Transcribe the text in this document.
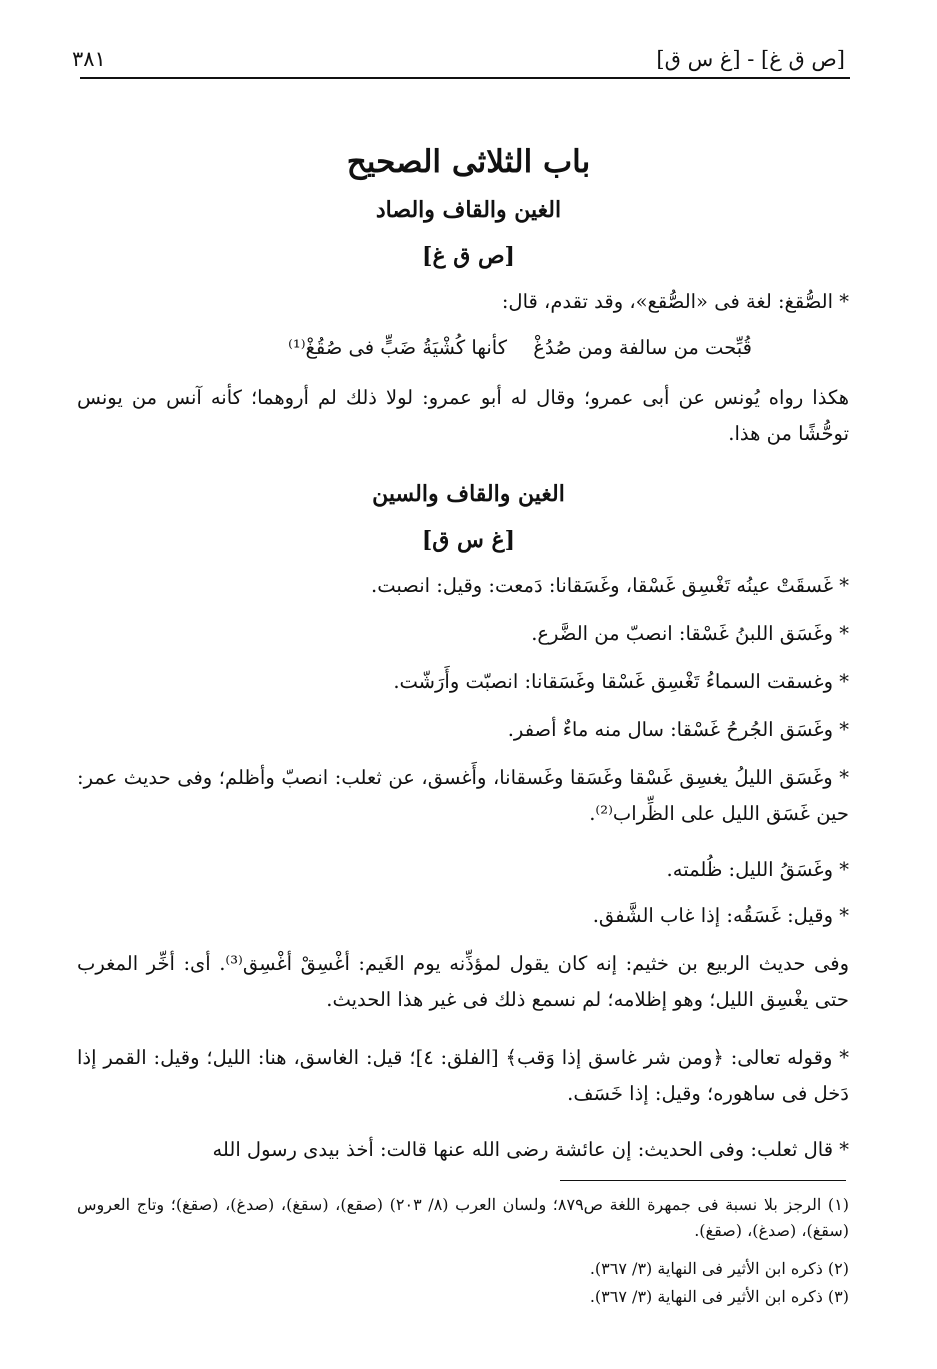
٣٨١	[ص ق غ] - [غ س ق]
باب الثلاثى الصحيح
الغين والقاف والصاد
[ص ق غ]
* الصُّقغ: لغة فى «الصُّقع»، وقد تقدم، قال:
قُبِّحت من سالفة ومن صُدُغْ
كأنها كُشْيَةُ ضَبٍّ فى صُقُغْ⁽¹⁾
هكذا رواه يُونس عن أبى عمرو؛ وقال له أبو عمرو: لولا ذلك لم أروهما؛ كأنه آنس من يونس توحُّشًا من هذا.
الغين والقاف والسين
[غ س ق]
* غَسقَتْ عينُه تَغْسِق غَسْقا، وغَسَقانا: دَمعت: وقيل: انصبت.
* وغَسَق اللبنُ غَسْقا: انصبّ من الضَّرع.
* وغسقت السماءُ تَغْسِق غَسْقا وغَسَقانا: انصبّت وأَرَشّت.
* وغَسَق الجُرحُ غَسْقا: سال منه ماءٌ أصفر.
* وغَسَق الليلُ يغسِق غَسْقا وغَسَقا وغَسقانا، وأَغسق، عن ثعلب: انصبّ وأظلم؛ وفى حديث عمر: حين غَسَق الليل على الظِّراب⁽²⁾.
* وغَسَقُ الليل: ظُلمته.
* وقيل: غَسَقُه: إذا غاب الشَّفق.
وفى حديث الربيع بن خثيم: إنه كان يقول لمؤذِّنه يوم الغَيم: أغْسِقْ أغْسِق⁽³⁾. أى: أخِّر المغرب حتى يغْسِق الليل؛ وهو إظلامه؛ لم نسمع ذلك فى غير هذا الحديث.
* وقوله تعالى: ﴿ومن شر غاسق إذا وَقب﴾ [الفلق: ٤]؛ قيل: الغاسق، هنا: الليل؛ وقيل: القمر إذا دَخل فى ساهوره؛ وقيل: إذا خَسَف.
* قال ثعلب: وفى الحديث: إن عائشة رضى الله عنها قالت: أخذ بيدى رسول الله
(١) الرجز بلا نسبة فى جمهرة اللغة ص٨٧٩؛ ولسان العرب (٨/ ٢٠٣) (صقع)، (سقغ)، (صدغ)، (صقغ)؛ وتاج العروس (سقغ)، (صدغ)، (صقغ).
(٢) ذكره ابن الأثير فى النهاية (٣/ ٣٦٧).
(٣) ذكره ابن الأثير فى النهاية (٣/ ٣٦٧).
